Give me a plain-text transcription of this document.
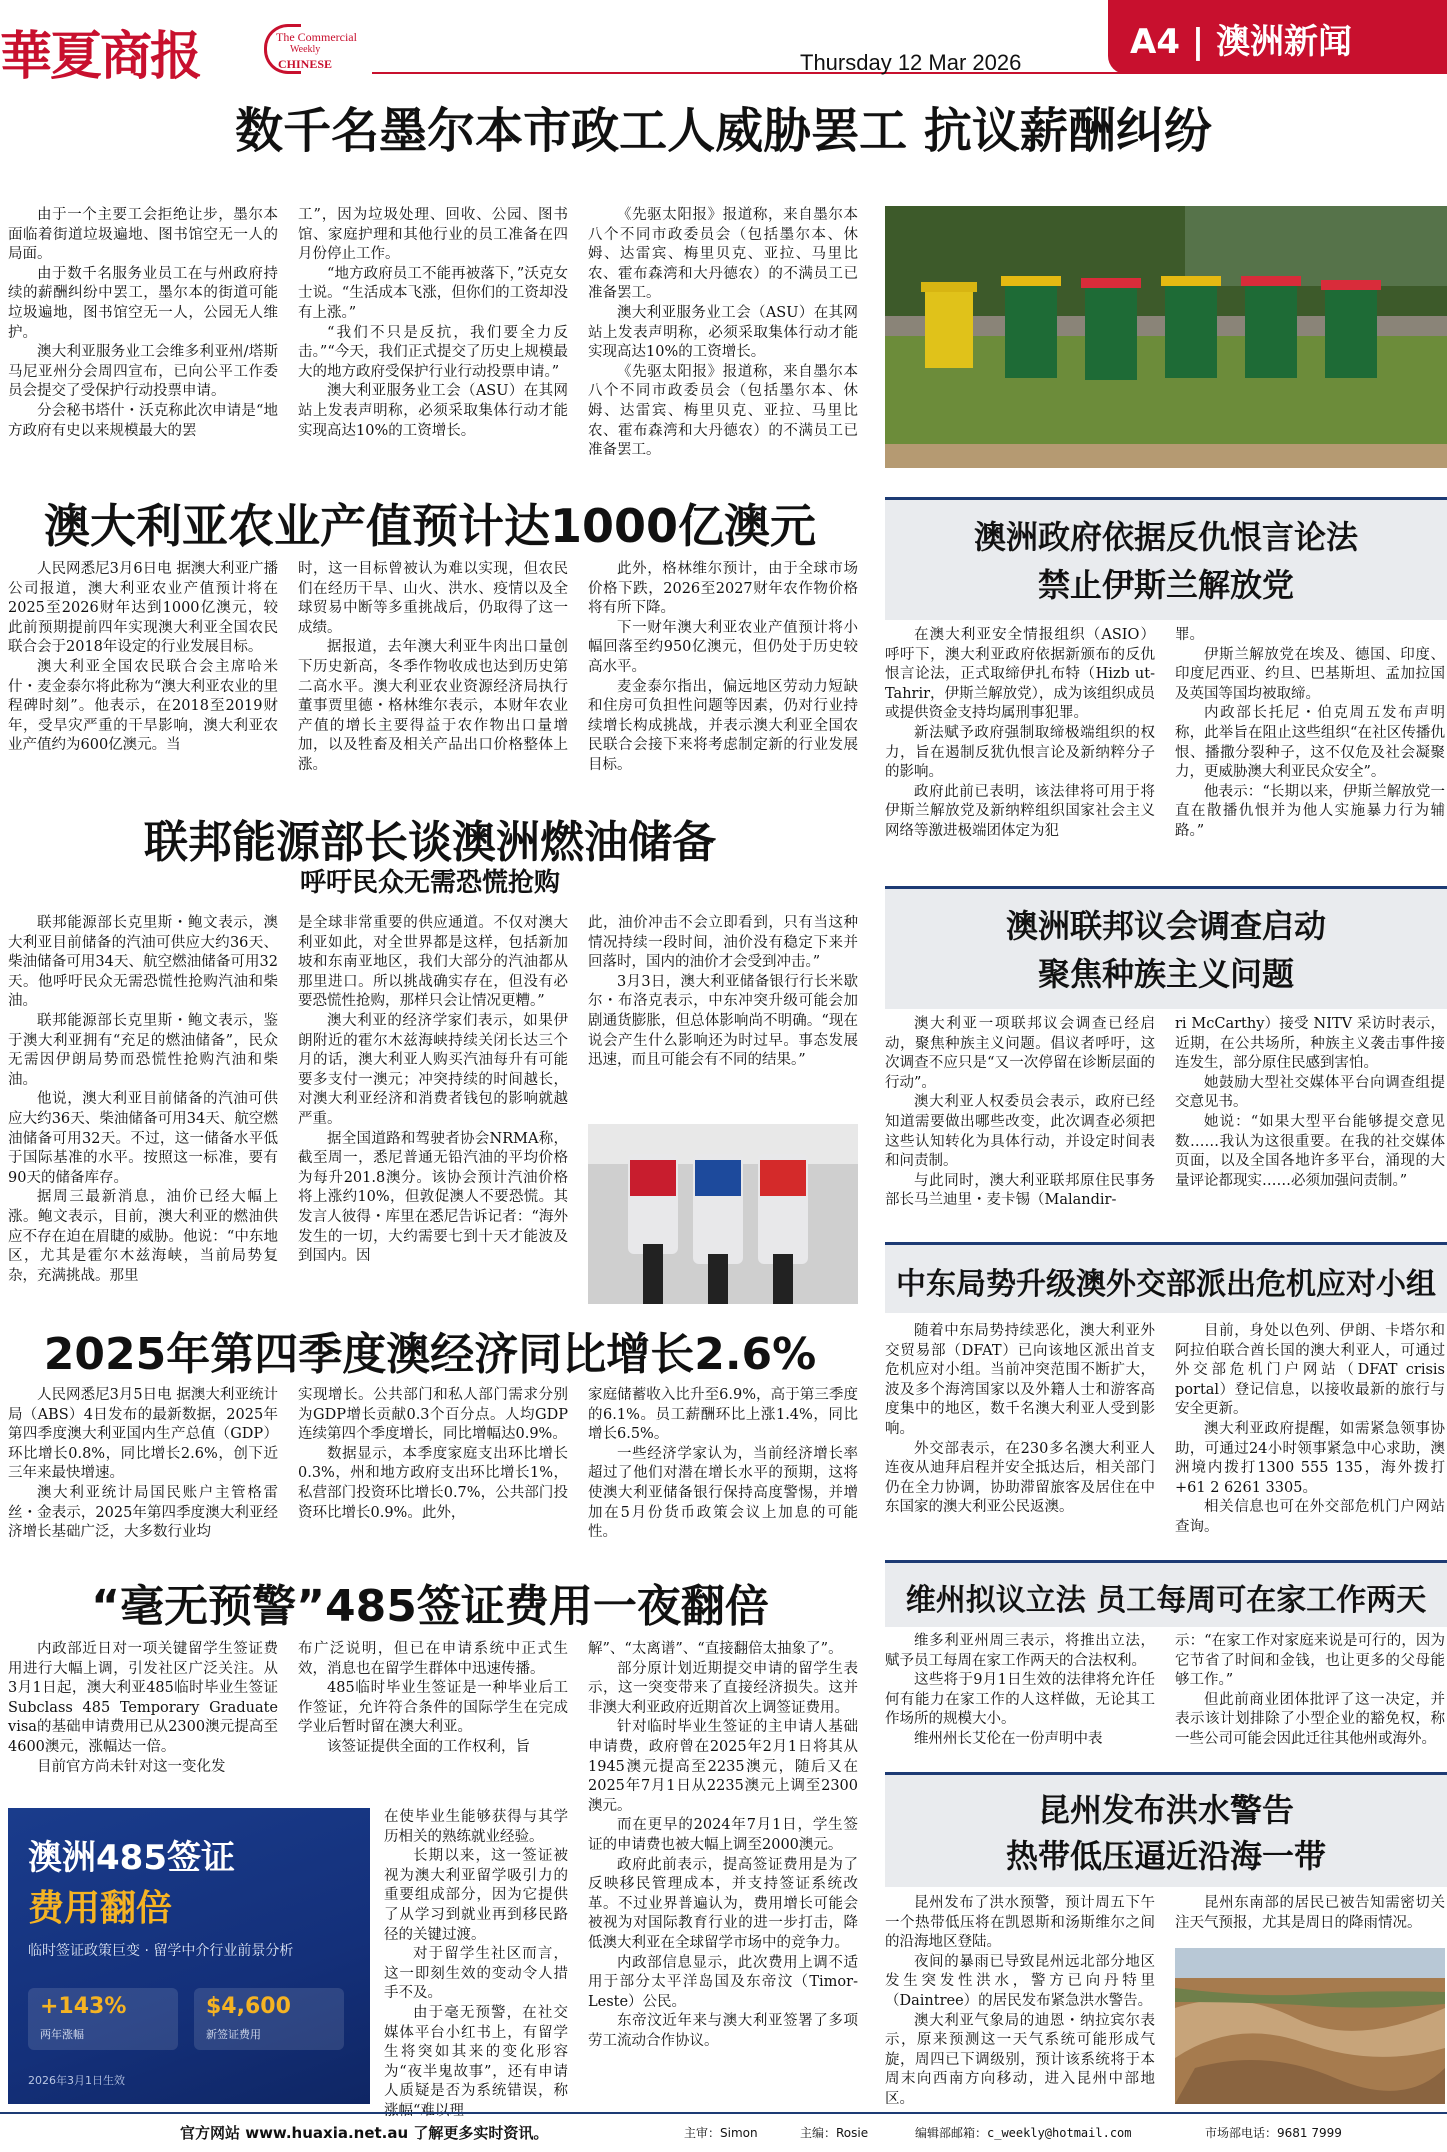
華夏商报	The Commercial
Weekly
CHINESE	Thursday 12 Mar 2026
A4 | 澳洲新闻
数千名墨尔本市政工人威胁罢工 抗议薪酬纠纷

由于一个主要工会拒绝让步，墨尔本面临着街道垃圾遍地、图书馆空无一人的局面。

由于数千名服务业员工在与州政府持续的薪酬纠纷中罢工，墨尔本的街道可能垃圾遍地，图书馆空无一人，公园无人维护。

澳大利亚服务业工会维多利亚州/塔斯马尼亚州分会周四宣布，已向公平工作委员会提交了受保护行动投票申请。

分会秘书塔什・沃克称此次申请是“地方政府有史以来规模最大的罢

工”，因为垃圾处理、回收、公园、图书馆、家庭护理和其他行业的员工准备在四月份停止工作。

“地方政府员工不能再被落下，”沃克女士说。“生活成本飞涨，但你们的工资却没有上涨。”

“我们不只是反抗，我们要全力反击。”“今天，我们正式提交了历史上规模最大的地方政府受保护行业行动投票申请。”

澳大利亚服务业工会（ASU）在其网站上发表声明称，必须采取集体行动才能实现高达10%的工资增长。

《先驱太阳报》报道称，来自墨尔本八个不同市政委员会（包括墨尔本、休姆、达雷宾、梅里贝克、亚拉、马里比农、霍布森湾和大丹德农）的不满员工已准备罢工。

澳大利亚服务业工会（ASU）在其网站上发表声明称，必须采取集体行动才能实现高达10%的工资增长。

《先驱太阳报》报道称，来自墨尔本八个不同市政委员会（包括墨尔本、休姆、达雷宾、梅里贝克、亚拉、马里比农、霍布森湾和大丹德农）的不满员工已准备罢工。

澳大利亚农业产值预计达1000亿澳元

人民网悉尼3月6日电 据澳大利亚广播公司报道，澳大利亚农业产值预计将在2025至2026财年达到1000亿澳元，较此前预期提前四年实现澳大利亚全国农民联合会于2018年设定的行业发展目标。

澳大利亚全国农民联合会主席哈米什・麦金泰尔将此称为“澳大利亚农业的里程碑时刻”。他表示，在2018至2019财年，受旱灾严重的干旱影响，澳大利亚农业产值约为600亿澳元。当

时，这一目标曾被认为难以实现，但农民们在经历干旱、山火、洪水、疫情以及全球贸易中断等多重挑战后，仍取得了这一成绩。

据报道，去年澳大利亚牛肉出口量创下历史新高，冬季作物收成也达到历史第二高水平。澳大利亚农业资源经济局执行董事贾里德・格林维尔表示，本财年农业产值的增长主要得益于农作物出口量增加，以及牲畜及相关产品出口价格整体上涨。

此外，格林维尔预计，由于全球市场价格下跌，2026至2027财年农作物价格将有所下降。

下一财年澳大利亚农业产值预计将小幅回落至约950亿澳元，但仍处于历史较高水平。

麦金泰尔指出，偏远地区劳动力短缺和住房可负担性问题等因素，仍对行业持续增长构成挑战，并表示澳大利亚全国农民联合会接下来将考虑制定新的行业发展目标。

澳洲政府依据反仇恨言论法
禁止伊斯兰解放党

在澳大利亚安全情报组织（ASIO）呼吁下，澳大利亚政府依据新颁布的反仇恨言论法，正式取缔伊扎布特（Hizb ut-Tahrir，伊斯兰解放党），成为该组织成员或提供资金支持均属刑事犯罪。

新法赋予政府强制取缔极端组织的权力，旨在遏制反犹仇恨言论及新纳粹分子的影响。

政府此前已表明，该法律将可用于将伊斯兰解放党及新纳粹组织国家社会主义网络等激进极端团体定为犯

罪。

伊斯兰解放党在埃及、德国、印度、印度尼西亚、约旦、巴基斯坦、孟加拉国及英国等国均被取缔。

内政部长托尼・伯克周五发布声明称，此举旨在阻止这些组织“在社区传播仇恨、播撒分裂种子，这不仅危及社会凝聚力，更威胁澳大利亚民众安全”。

他表示：“长期以来，伊斯兰解放党一直在散播仇恨并为他人实施暴力行为辅路。”

联邦能源部长谈澳洲燃油储备
呼吁民众无需恐慌抢购

联邦能源部长克里斯・鲍文表示，澳大利亚目前储备的汽油可供应大约36天、柴油储备可用34天、航空燃油储备可用32天。他呼吁民众无需恐慌性抢购汽油和柴油。

联邦能源部长克里斯・鲍文表示，鉴于澳大利亚拥有“充足的燃油储备”，民众无需因伊朗局势而恐慌性抢购汽油和柴油。

他说，澳大利亚目前储备的汽油可供应大约36天、柴油储备可用34天、航空燃油储备可用32天。不过，这一储备水平低于国际基准的水平。按照这一标准，要有90天的储备库存。

据周三最新消息，油价已经大幅上涨。鲍文表示，目前，澳大利亚的燃油供应不存在迫在眉睫的威胁。他说：“中东地区，尤其是霍尔木兹海峡，当前局势复杂，充满挑战。那里

是全球非常重要的供应通道。不仅对澳大利亚如此，对全世界都是这样，包括新加坡和东南亚地区，我们大部分的汽油都从那里进口。所以挑战确实存在，但没有必要恐慌性抢购，那样只会让情况更糟。”

澳大利亚的经济学家们表示，如果伊朗附近的霍尔木兹海峡持续关闭长达三个月的话，澳大利亚人购买汽油每升有可能要多支付一澳元；冲突持续的时间越长，对澳大利亚经济和消费者钱包的影响就越严重。

据全国道路和驾驶者协会NRMA称，截至周一，悉尼普通无铅汽油的平均价格为每升201.8澳分。该协会预计汽油价格将上涨约10%，但敦促澳人不要恐慌。其发言人彼得・库里在悉尼告诉记者：“海外发生的一切，大约需要七到十天才能波及到国内。因

此，油价冲击不会立即看到，只有当这种情况持续一段时间，油价没有稳定下来并回落时，国内的油价才会受到冲击。”

3月3日，澳大利亚储备银行行长米歇尔・布洛克表示，中东冲突升级可能会加剧通货膨胀，但总体影响尚不明确。“现在说会产生什么影响还为时过早。事态发展迅速，而且可能会有不同的结果。”

澳洲联邦议会调查启动
聚焦种族主义问题

澳大利亚一项联邦议会调查已经启动，聚焦种族主义问题。倡议者呼吁，这次调查不应只是“又一次停留在诊断层面的行动”。

澳大利亚人权委员会表示，政府已经知道需要做出哪些改变，此次调查必须把这些认知转化为具体行动，并设定时间表和问责制。

与此同时，澳大利亚联邦原住民事务部长马兰迪里・麦卡锡（Malandir-

ri McCarthy）接受 NITV 采访时表示，近期，在公共场所，种族主义袭击事件接连发生，部分原住民感到害怕。

她鼓励大型社交媒体平台向调查组提交意见书。

她说：“如果大型平台能够提交意见数……我认为这很重要。在我的社交媒体页面，以及全国各地许多平台，涌现的大量评论都现实……必须加强问责制。”

中东局势升级澳外交部派出危机应对小组

随着中东局势持续恶化，澳大利亚外交贸易部（DFAT）已向该地区派出首支危机应对小组。当前冲突范围不断扩大，波及多个海湾国家以及外籍人士和游客高度集中的地区，数千名澳大利亚人受到影响。

外交部表示，在230多名澳大利亚人连夜从迪拜启程并安全抵达后，相关部门仍在全力协调，协助滞留旅客及居住在中东国家的澳大利亚公民返澳。

目前，身处以色列、伊朗、卡塔尔和阿拉伯联合酋长国的澳大利亚人，可通过外交部危机门户网站（DFAT crisis portal）登记信息，以接收最新的旅行与安全更新。

澳大利亚政府提醒，如需紧急领事协助，可通过24小时领事紧急中心求助，澳洲境内拨打1300 555 135，海外拨打+61 2 6261 3305。

相关信息也可在外交部危机门户网站查询。

2025年第四季度澳经济同比增长2.6%

人民网悉尼3月5日电 据澳大利亚统计局（ABS）4日发布的最新数据，2025年第四季度澳大利亚国内生产总值（GDP）环比增长0.8%，同比增长2.6%，创下近三年来最快增速。

澳大利亚统计局国民账户主管格雷丝・金表示，2025年第四季度澳大利亚经济增长基础广泛，大多数行业均

实现增长。公共部门和私人部门需求分别为GDP增长贡献0.3个百分点。人均GDP连续第四个季度增长，同比增幅达0.9%。

数据显示，本季度家庭支出环比增长0.3%，州和地方政府支出环比增长1%，私营部门投资环比增长0.7%，公共部门投资环比增长0.9%。此外，

家庭储蓄收入比升至6.9%，高于第三季度的6.1%。员工薪酬环比上涨1.4%，同比增长6.5%。

一些经济学家认为，当前经济增长率超过了他们对潜在增长水平的预期，这将使澳大利亚储备银行保持高度警惕，并增加在5月份货币政策会议上加息的可能性。

“毫无预警”485签证费用一夜翻倍

内政部近日对一项关键留学生签证费用进行大幅上调，引发社区广泛关注。从3月1日起，澳大利亚485临时毕业生签证Subclass 485 Temporary Graduate visa的基础申请费用已从2300澳元提高至4600澳元，涨幅达一倍。

目前官方尚未针对这一变化发

布广泛说明，但已在申请系统中正式生效，消息也在留学生群体中迅速传播。

485临时毕业生签证是一种毕业后工作签证，允许符合条件的国际学生在完成学业后暂时留在澳大利亚。

该签证提供全面的工作权利，旨

在使毕业生能够获得与其学历相关的熟练就业经验。

长期以来，这一签证被视为澳大利亚留学吸引力的重要组成部分，因为它提供了从学习到就业再到移民路径的关键过渡。

对于留学生社区而言，这一即刻生效的变动令人措手不及。

由于毫无预警，在社交媒体平台小红书上，有留学生将突如其来的变化形容为“夜半鬼故事”，还有申请人质疑是否为系统错误，称涨幅“难以理

解”、“太离谱”、“直接翻倍太抽象了”。

部分原计划近期提交申请的留学生表示，这一突变带来了直接经济损失。这并非澳大利亚政府近期首次上调签证费用。

针对临时毕业生签证的主申请人基础申请费，政府曾在2025年2月1日将其从1945澳元提高至2235澳元，随后又在2025年7月1日从2235澳元上调至2300澳元。

而在更早的2024年7月1日，学生签证的申请费也被大幅上调至2000澳元。

政府此前表示，提高签证费用是为了反映移民管理成本，并支持签证系统改革。不过业界普遍认为，费用增长可能会被视为对国际教育行业的进一步打击，降低澳大利亚在全球留学市场中的竞争力。

内政部信息显示，此次费用上调不适用于部分太平洋岛国及东帝汶（Timor-Leste）公民。

东帝汶近年来与澳大利亚签署了多项劳工流动合作协议。

澳洲485签证
费用翻倍
临时签证政策巨变 · 留学中介行业前景分析
+143%
两年涨幅
$4,600
新签证费用
2026年3月1日生效
维州拟议立法 员工每周可在家工作两天

维多利亚州周三表示，将推出立法，赋予员工每周在家工作两天的合法权利。

这些将于9月1日生效的法律将允许任何有能力在家工作的人这样做，无论其工作场所的规模大小。

维州州长艾伦在一份声明中表

示：“在家工作对家庭来说是可行的，因为它节省了时间和金钱，也让更多的父母能够工作。”

但此前商业团体批评了这一决定，并表示该计划排除了小型企业的豁免权，称一些公司可能会因此迁往其他州或海外。

昆州发布洪水警告
热带低压逼近沿海一带

昆州发布了洪水预警，预计周五下午一个热带低压将在凯恩斯和汤斯维尔之间的沿海地区登陆。

夜间的暴雨已导致昆州远北部分地区发生突发性洪水，警方已向丹特里（Daintree）的居民发布紧急洪水警告。

澳大利亚气象局的迪恩・纳拉宾尔表示，原来预测这一天气系统可能形成气旋，周四已下调级别，预计该系统将于本周末向西南方向移动，进入昆州中部地区。

昆州东南部的居民已被告知需密切关注天气预报，尤其是周日的降雨情况。

官方网站 www.huaxia.net.au 了解更多实时资讯。	主审：Simon	主编：Rosie	编辑部邮箱：c_weekly@hotmail.com	市场部电话：9681 7999
